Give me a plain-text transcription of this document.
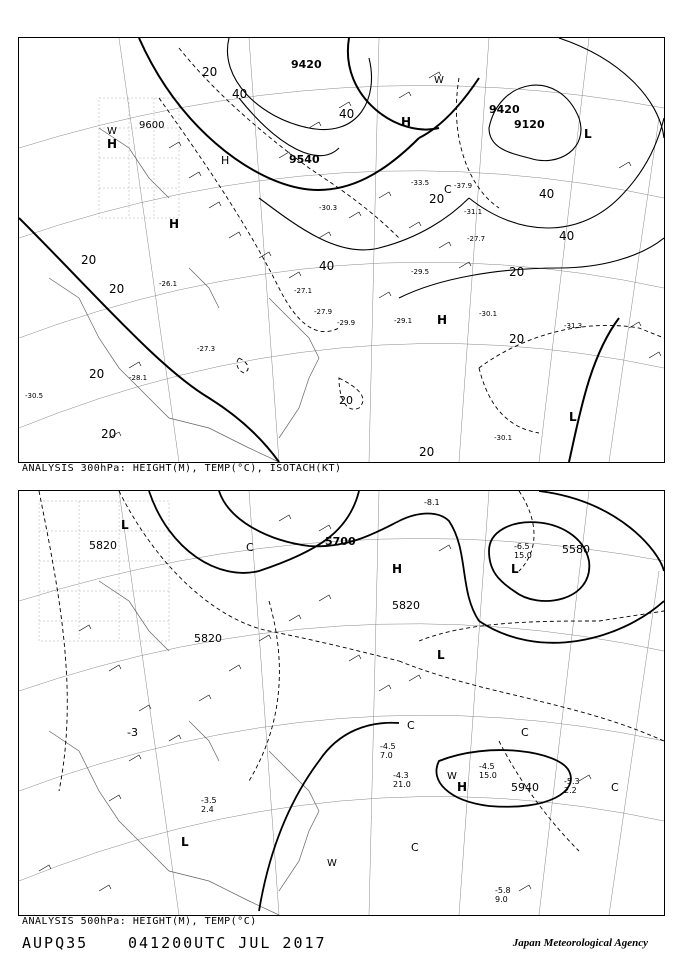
9420
9540
9600
9420
9120
20
40
40
40
20
20
20
20
40
40
20
20
20
20
20
H
H
H
H
H
L
L
W
W
C
-29.1
-30.1
-31.3
-30.1
-27.9
-29.9
-29.5
-27.1
-27.3
-26.1
-28.1
-30.5
-30.3	-31.1
-27.7
-37.9
-33.5
ANALYSIS 300hPa: HEIGHT(M), TEMP(°C), ISOTACH(KT)
5820	5700
5820
5820
5580
5940
L
L
H
H
W
W
L
L
C
C
C
C
C
-4.5
15.0
-4.3
21.0	-5.3
2.2
-5.8
9.0
-3.5
2.4
-4.5
7.0
-6.5
15.0
-8.1
-3
ANALYSIS 500hPa: HEIGHT(M), TEMP(°C)
AUPQ35	041200UTC JUL 2017	Japan Meteorological Agency
